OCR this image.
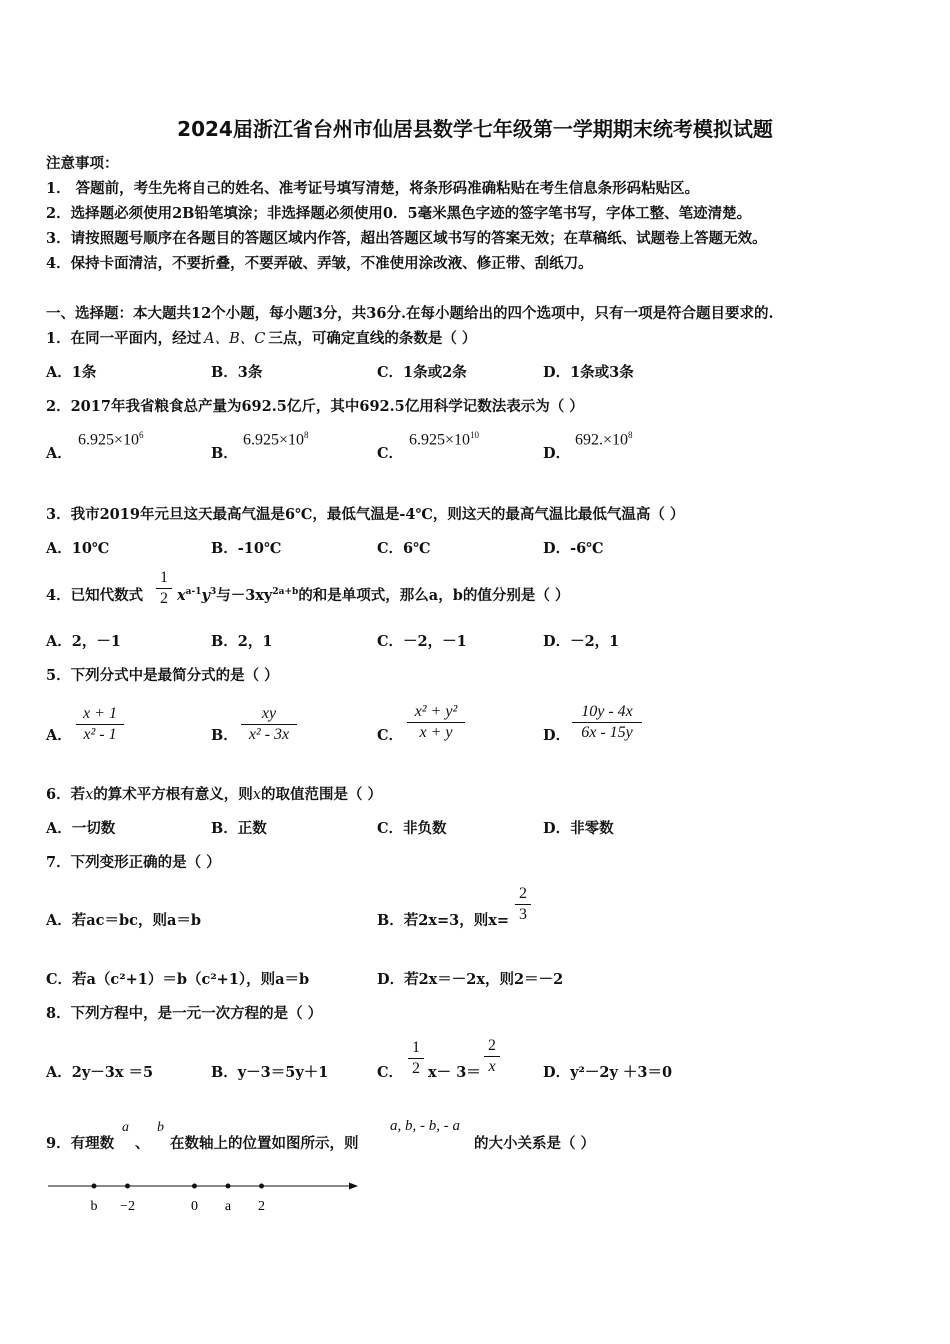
2024届浙江省台州市仙居县数学七年级第一学期期末统考模拟试题
注意事项：
1． 答题前，考生先将自己的姓名、准考证号填写清楚，将条形码准确粘贴在考生信息条形码粘贴区。
2．选择题必须使用2B铅笔填涂；非选择题必须使用0．5毫米黑色字迹的签字笔书写，字体工整、笔迹清楚。
3．请按照题号顺序在各题目的答题区域内作答，超出答题区域书写的答案无效；在草稿纸、试题卷上答题无效。
4．保持卡面清洁，不要折叠，不要弄破、弄皱，不准使用涂改液、修正带、刮纸刀。
一、选择题：本大题共12个小题，每小题3分，共36分.在每小题给出的四个选项中，只有一项是符合题目要求的.
1．在同一平面内，经过 A、B、C 三点，可确定直线的条数是（ ）
A．1条	B．3条	C．1条或2条	D．1条或3条
2．2017年我省粮食总产量为692.5亿斤，其中692.5亿用科学记数法表示为（ ）
A．
$6.925\times 10^6$
B．
$6.925\times 10^8$
C．
$6.925\times 10^{10}$
D．
$692.\times 10^8$
3．我市2019年元旦这天最高气温是6℃，最低气温是-4℃，则这天的最高气温比最低气温高（ ）
A．10℃	B．-10℃	C．6℃	D．-6℃
4．已知代数式
1
2 $x^{a-1}y^3$与$-3xy^{2a+b}$的和是单项式，那么a，b的值分别是（ ）
A．2，－1	B．2，1	C．－2，－1	D．－2，1
5．下列分式中是最简分式的是（ ）
A．
x + 1
x² - 1	B．
xy
x² - 3x	C．
x² + y²
x + y	D．
10y - 4x
6x - 15y
6．若x的算术平方根有意义，则x的取值范围是（ ）
A．一切数	B．正数	C．非负数	D．非零数
7．下列变形正确的是（ ）
A．若ac＝bc，则a＝b	B．若2x=3，则x=
2
3
C．若a（c²+1）＝b（c²+1），则a＝b	D．若2x＝－2x，则2＝－2
8．下列方程中，是一元一次方程的是（ ）
A．2y－3x ＝5	B．y－3＝5y＋1	C．
1
2 x－ 3＝
2
x	D．y²－2y ＋3＝0
9．有理数
a
、
b
在数轴上的位置如图所示，则
a, b, - b, - a
的大小关系是（ ）
b −2	0 a 2
